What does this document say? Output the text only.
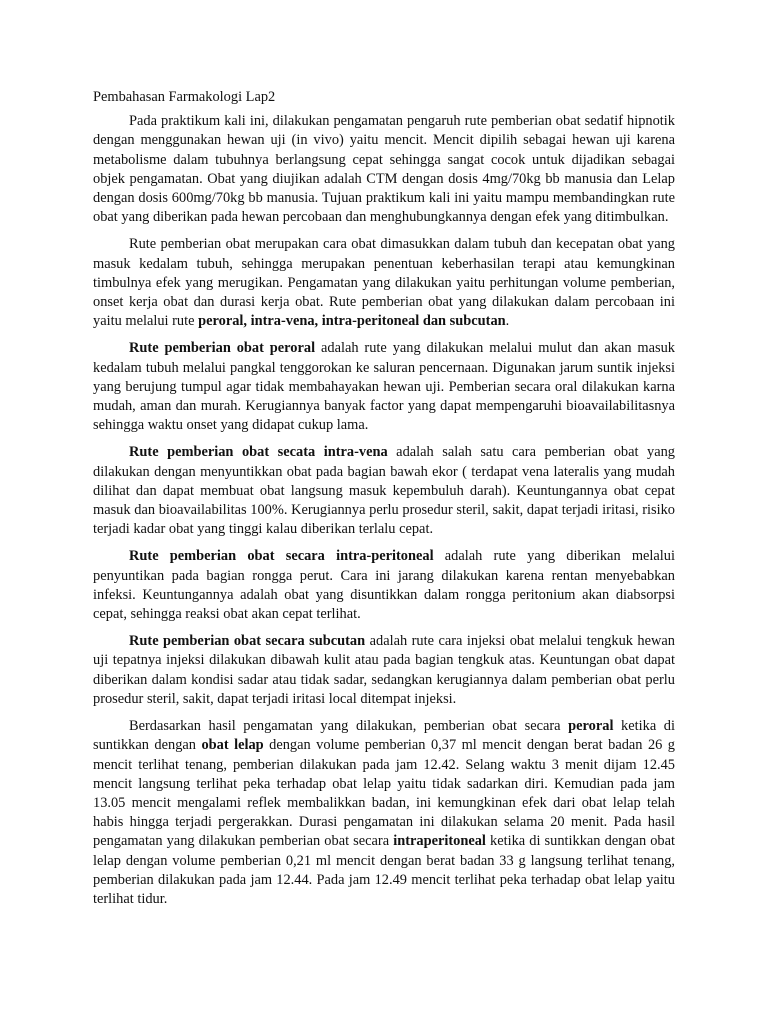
Pembahasan Farmakologi Lap2

Pada praktikum kali ini, dilakukan pengamatan pengaruh rute pemberian obat sedatif hipnotik dengan menggunakan hewan uji (in vivo) yaitu mencit. Mencit dipilih sebagai hewan uji karena metabolisme dalam tubuhnya berlangsung cepat sehingga sangat cocok untuk dijadikan sebagai objek pengamatan. Obat yang diujikan adalah CTM dengan dosis 4mg/70kg bb manusia dan Lelap dengan dosis 600mg/70kg bb manusia. Tujuan praktikum kali ini yaitu mampu membandingkan rute obat yang diberikan pada hewan percobaan dan menghubungkannya dengan efek yang ditimbulkan.

Rute pemberian obat merupakan cara obat dimasukkan dalam tubuh dan kecepatan obat yang masuk kedalam tubuh, sehingga merupakan penentuan keberhasilan terapi atau kemungkinan timbulnya efek yang merugikan. Pengamatan yang dilakukan yaitu perhitungan volume pemberian, onset kerja obat dan durasi kerja obat. Rute pemberian obat yang dilakukan dalam percobaan ini yaitu melalui rute peroral, intra-vena, intra-peritoneal dan subcutan.

Rute pemberian obat peroral adalah rute yang dilakukan melalui mulut dan akan masuk kedalam tubuh melalui pangkal tenggorokan ke saluran pencernaan. Digunakan jarum suntik injeksi yang berujung tumpul agar tidak membahayakan hewan uji. Pemberian secara oral dilakukan karna mudah, aman dan murah. Kerugiannya banyak factor yang dapat mempengaruhi bioavailabilitasnya sehingga waktu onset yang didapat cukup lama.

Rute pemberian obat secata intra-vena adalah salah satu cara pemberian obat yang dilakukan dengan menyuntikkan obat pada bagian bawah ekor ( terdapat vena lateralis yang mudah dilihat dan dapat membuat obat langsung masuk kepembuluh darah). Keuntungannya obat cepat masuk dan bioavailabilitas 100%. Kerugiannya perlu prosedur steril, sakit, dapat terjadi iritasi, risiko terjadi kadar obat yang tinggi kalau diberikan terlalu cepat.

Rute pemberian obat secara intra-peritoneal adalah rute yang diberikan melalui penyuntikan pada bagian rongga perut. Cara ini jarang dilakukan karena rentan menyebabkan infeksi. Keuntungannya adalah obat yang disuntikkan dalam rongga peritonium akan diabsorpsi cepat, sehingga reaksi obat akan cepat terlihat.

Rute pemberian obat secara subcutan adalah rute cara injeksi obat melalui tengkuk hewan uji tepatnya injeksi dilakukan dibawah kulit atau pada bagian tengkuk atas. Keuntungan obat dapat diberikan dalam kondisi sadar atau tidak sadar, sedangkan kerugiannya dalam pemberian obat perlu prosedur steril, sakit, dapat terjadi iritasi local ditempat injeksi.

Berdasarkan hasil pengamatan yang dilakukan, pemberian obat secara peroral ketika di suntikkan dengan obat lelap dengan volume pemberian 0,37 ml mencit dengan berat badan 26 g mencit terlihat tenang, pemberian dilakukan pada jam 12.42. Selang waktu 3 menit dijam 12.45 mencit langsung terlihat peka terhadap obat lelap yaitu tidak sadarkan diri. Kemudian pada jam 13.05 mencit mengalami reflek membalikkan badan, ini kemungkinan efek dari obat lelap telah habis hingga terjadi pergerakkan. Durasi pengamatan ini dilakukan selama 20 menit. Pada hasil pengamatan yang dilakukan pemberian obat secara intraperitoneal ketika di suntikkan dengan obat lelap dengan volume pemberian 0,21 ml mencit dengan berat badan 33 g langsung terlihat tenang, pemberian dilakukan pada jam 12.44. Pada jam 12.49 mencit terlihat peka terhadap obat lelap yaitu terlihat tidur.
